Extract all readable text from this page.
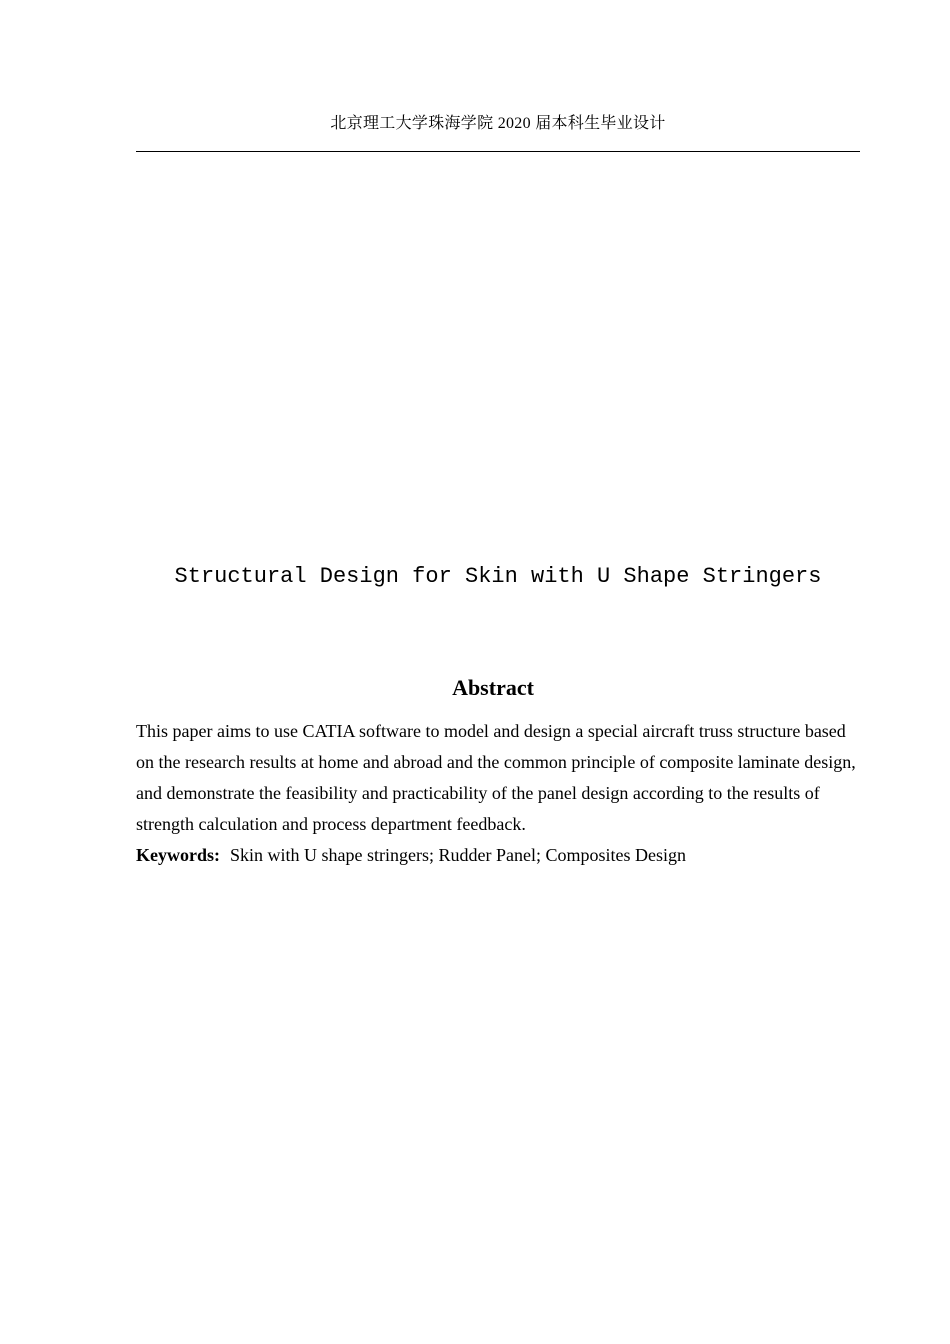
北京理工大学珠海学院 2020 届本科生毕业设计
Structural Design for Skin with U Shape Stringers
Abstract

This paper aims to use CATIA software to model and design a special aircraft truss structure based on the research results at home and abroad and the common principle of composite laminate design, and demonstrate the feasibility and practicability of the panel design according to the results of strength calculation and process department feedback.

Keywords: Skin with U shape stringers; Rudder Panel; Composites Design
